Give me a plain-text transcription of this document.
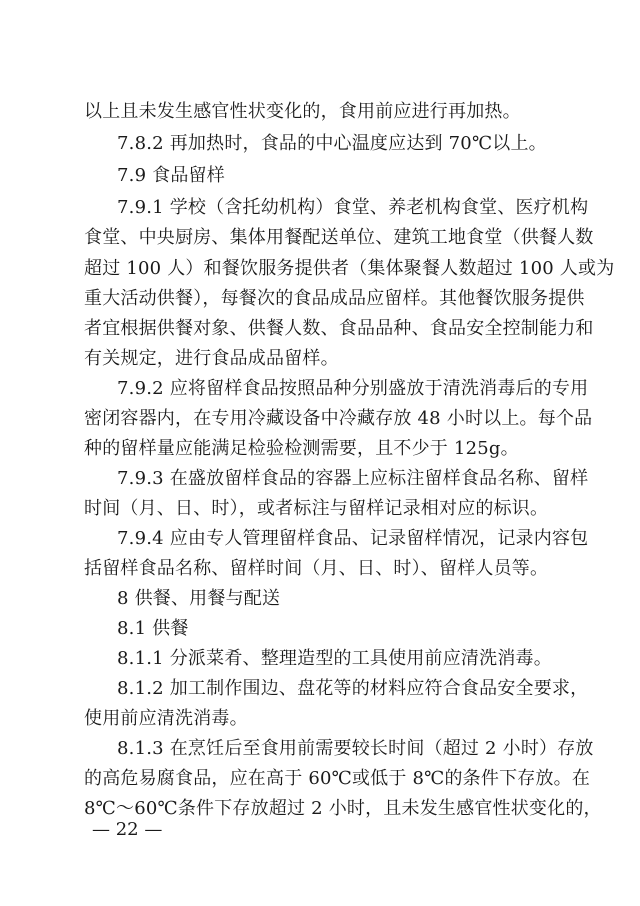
以上且未发生感官性状变化的，食用前应进行再加热。
7.8.2 再加热时，食品的中心温度应达到 70℃以上。
7.9 食品留样
7.9.1 学校（含托幼机构）食堂、养老机构食堂、医疗机构
食堂、中央厨房、集体用餐配送单位、建筑工地食堂（供餐人数
超过 100 人）和餐饮服务提供者（集体聚餐人数超过 100 人或为
重大活动供餐），每餐次的食品成品应留样。其他餐饮服务提供
者宜根据供餐对象、供餐人数、食品品种、食品安全控制能力和
有关规定，进行食品成品留样。
7.9.2 应将留样食品按照品种分别盛放于清洗消毒后的专用
密闭容器内，在专用冷藏设备中冷藏存放 48 小时以上。每个品
种的留样量应能满足检验检测需要，且不少于 125g。
7.9.3 在盛放留样食品的容器上应标注留样食品名称、留样
时间（月、日、时），或者标注与留样记录相对应的标识。
7.9.4 应由专人管理留样食品、记录留样情况，记录内容包
括留样食品名称、留样时间（月、日、时）、留样人员等。
8 供餐、用餐与配送
8.1 供餐
8.1.1 分派菜肴、整理造型的工具使用前应清洗消毒。
8.1.2 加工制作围边、盘花等的材料应符合食品安全要求，
使用前应清洗消毒。
8.1.3 在烹饪后至食用前需要较长时间（超过 2 小时）存放
的高危易腐食品，应在高于 60℃或低于 8℃的条件下存放。在
8℃～60℃条件下存放超过 2 小时，且未发生感官性状变化的，
— 22 —
